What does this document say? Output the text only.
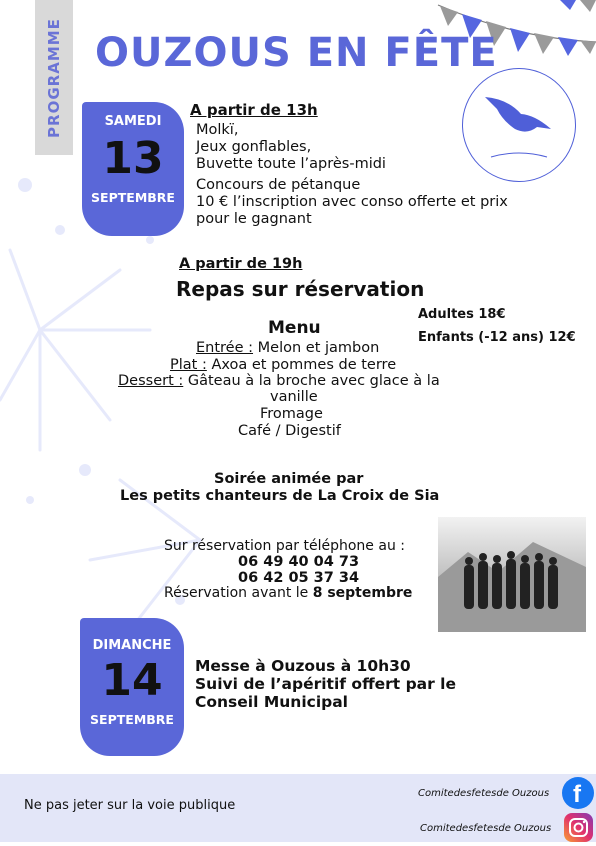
PROGRAMME OUZOUS EN FÊTE
SAMEDI
13
SEPTEMBRE
A partir de 13h
Molkï,
Jeux gonflables,
Buvette toute l’après-midi
Concours de pétanque
10 € l’inscription avec conso offerte et prix
pour le gagnant
A partir de 19h
Repas sur réservation
Adultes 18€
Enfants (-12 ans) 12€
Menu
Entrée : Melon et jambon
Plat : Axoa et pommes de terre
Dessert : Gâteau à la broche avec glace à la
vanille
Fromage
Café / Digestif
Soirée animée par
Les petits chanteurs de La Croix de Sia
Sur réservation par téléphone au :
06 49 40 04 73
06 42 05 37 34
Réservation avant le 8 septembre
DIMANCHE
14
SEPTEMBRE
Messe à Ouzous à 10h30
Suivi de l’apéritif offert par le
Conseil Municipal
Ne pas jeter sur la voie publique
Comitedesfetesde Ouzous
Comitedesfetesde Ouzous
f
